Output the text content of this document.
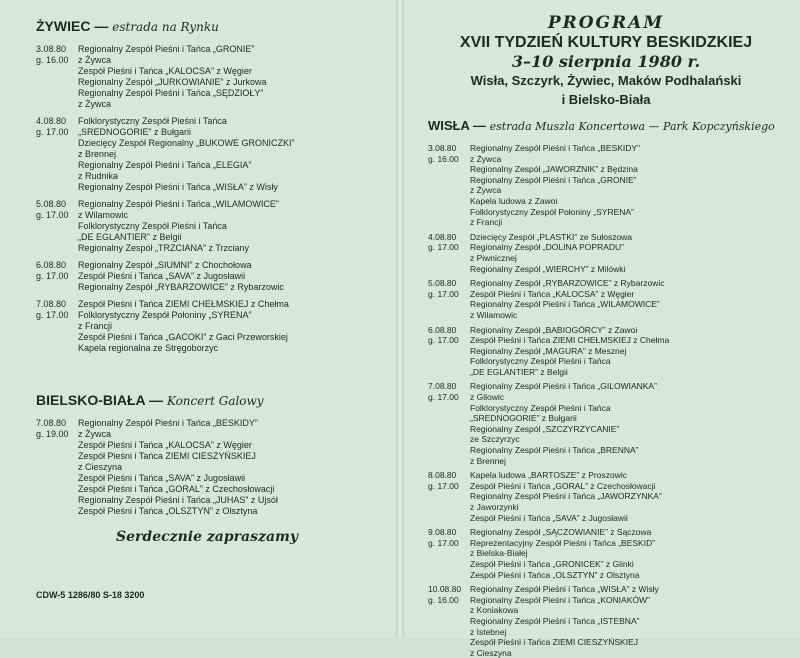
ŻYWIEC — estrada na Rynku
3.08.80
g. 16.00
Regionalny Zespół Pieśni i Tańca „GRONIE”
z Żywca
Zespół Pieśni i Tańca „KALOCSA” z Węgier
Regionalny Zespół „JURKOWIANIE” z Jurkowa
Regionalny Zespół Pieśni i Tańca „SĘDZIOŁY”
z Żywca
4.08.80
g. 17.00
Folklorystyczny Zespół Pieśni i Tańca
„SREDNOGORIE” z Bułgarii
Dziecięcy Zespół Regionalny „BUKOWE GRONICZKI”
z Brennej
Regionalny Zespół Pieśni i Tańca „ELEGIA”
z Rudnika
Regionalny Zespół Pieśni i Tańca „WISŁA” z Wisły
5.08.80
g. 17.00
Regionalny Zespół Pieśni i Tańca „WILAMOWICE”
z Wilamowic
Folklorystyczny Zespół Pieśni i Tańca
„DE EGLANTIER” z Belgii
Regionalny Zespół „TRZCIANA” z Trzciany
6.08.80
g. 17.00
Regionalny Zespół „SIUMNI” z Chochołowa
Zespół Pieśni i Tańca „SAVA” z Jugosławii
Regionalny Zespół „RYBARZOWICE” z Rybarzowic
7.08.80
g. 17.00
Zespół Pieśni i Tańca ZIEMI CHEŁMSKIEJ z Chełma
Folklorystyczny Zespół Połoniny „SYRENA”
z Francji
Zespół Pieśni i Tańca „GACOKI” z Gaci Przeworskiej
Kapela regionalna ze Stręgoborzyc
BIELSKO-BIAŁA — Koncert Galowy
7.08.80
g. 19.00
Regionalny Zespół Pieśni i Tańca „BESKIDY”
z Żywca
Zespół Pieśni i Tańca „KALOCSA” z Węgier
Zespół Pieśni i Tańca ZIEMI CIESZYŃSKIEJ
z Cieszyna
Zespół Pieśni i Tańca „SAVA” z Jugosławii
Zespół Pieśni i Tańca „GORAL” z Czechosłowacji
Regionalny Zespół Pieśni i Tańca „JUHAS” z Ujsół
Zespół Pieśni i Tańca „OLSZTYN” z Olsztyna
Serdecznie zapraszamy
CDW-5 1286/80 S-18 3200
PROGRAM
XVII TYDZIEŃ KULTURY BESKIDZKIEJ
3–10 sierpnia 1980 r.
Wisła, Szczyrk, Żywiec, Maków Podhalański
i Bielsko-Biała
WISŁA — estrada Muszla Koncertowa — Park Kopczyńskiego
3.08.80
g. 16.00
Regionalny Zespół Pieśni i Tańca „BESKIDY”
z Żywca
Regionalny Zespół „JAWORZNIK” z Będzina
Regionalny Zespół Pieśni i Tańca „GRONIE”
z Żywca
Kapela ludowa z Zawoi
Folklorystyczny Zespół Połoniny „SYRENA”
z Francji
4.08.80
g. 17.00
Dziecięcy Zespół „PLASTKI” ze Sułoszowa
Regionalny Zespół „DOLINA POPRADU”
z Piwnicznej
Regionalny Zespół „WIERCHY” z Milówki
5.08.80
g. 17.00
Regionalny Zespół „RYBARZOWICE” z Rybarzowic
Zespół Pieśni i Tańca „KALOCSA” z Węgier
Regionalny Zespół Pieśni i Tańca „WILAMOWICE”
z Wilamowic
6.08.80
g. 17.00
Regionalny Zespół „BABIOGÓRCY” z Zawoi
Zespół Pieśni i Tańca ZIEMI CHEŁMSKIEJ z Chełma
Regionalny Zespół „MAGURA” z Mesznej
Folklorystyczny Zespół Pieśni i Tańca
„DE EGLANTIER” z Belgii
7.08.80
g. 17.00
Regionalny Zespół Pieśni i Tańca „GILOWIANKA”
z Gilowic
Folklorystyczny Zespół Pieśni i Tańca
„SREDNOGORIE” z Bułgarii
Regionalny Zespół „SZCZYRZYCANIE”
ze Szczyrzyc
Regionalny Zespół Pieśni i Tańca „BRENNA”
z Brennej
8.08.80
g. 17.00
Kapela ludowa „BARTOSZE” z Proszowic
Zespół Pieśni i Tańca „GORAL” z Czechosłowacji
Regionalny Zespół Pieśni i Tańca „JAWORZYNKA”
z Jaworzynki
Zespół Pieśni i Tańca „SAVA” z Jugosławii
9.08.80
g. 17.00
Regionalny Zespół „SĄCZOWIANIE” z Sączowa
Reprezentacyjny Zespół Pieśni i Tańca „BESKID”
z Bielska-Białej
Zespół Pieśni i Tańca „GRONICEK” z Glinki
Zespół Pieśni i Tańca „OLSZTYN” z Olsztyna
10.08.80
g. 16.00
Regionalny Zespół Pieśni i Tańca „WISŁA” z Wisły
Regionalny Zespół Pieśni i Tańca „KONIAKÓW”
z Koniakowa
Regionalny Zespół Pieśni i Tańca „ISTEBNA”
z Istebnej
Zespół Pieśni i Tańca ZIEMI CIESZYŃSKIEJ
z Cieszyna
